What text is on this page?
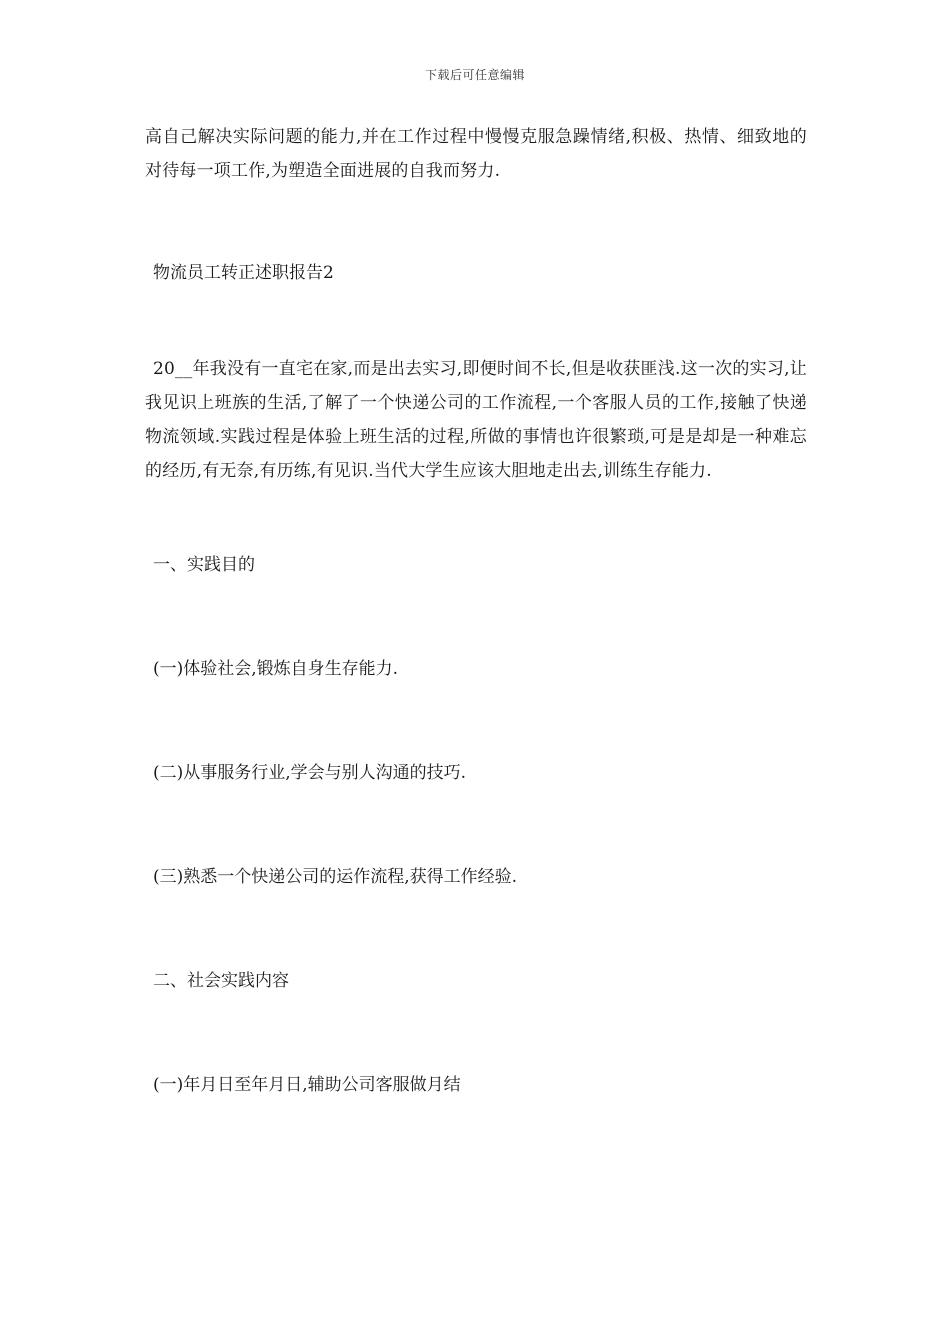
下载后可任意编辑

高自己解决实际问题的能力,并在工作过程中慢慢克服急躁情绪,积极、热情、细致地的对待每一项工作,为塑造全面进展的自我而努力.

物流员工转正述职报告2

20__年我没有一直宅在家,而是出去实习,即便时间不长,但是收获匪浅.这一次的实习,让我见识上班族的生活,了解了一个快递公司的工作流程,一个客服人员的工作,接触了快递物流领域.实践过程是体验上班生活的过程,所做的事情也许很繁琐,可是是却是一种难忘的经历,有无奈,有历练,有见识.当代大学生应该大胆地走出去,训练生存能力.

一、实践目的

(一)体验社会,锻炼自身生存能力.

(二)从事服务行业,学会与别人沟通的技巧.

(三)熟悉一个快递公司的运作流程,获得工作经验.

二、社会实践内容

(一)年月日至年月日,辅助公司客服做月结
